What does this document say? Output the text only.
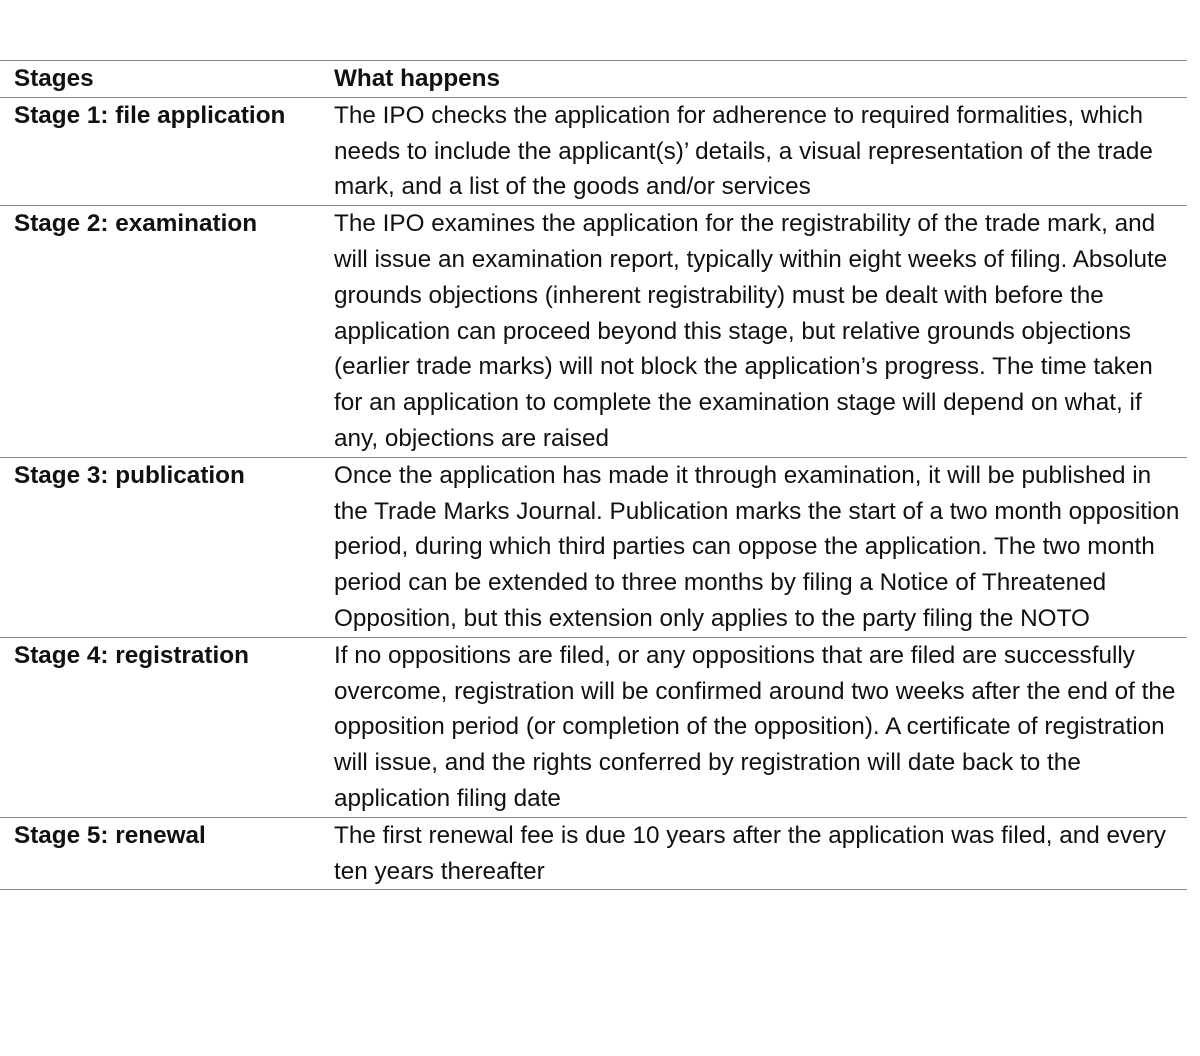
Stages	What happens
Stage 1: file application	The IPO checks the application for adherence to required formalities, which needs to include the applicant(s)’ details, a visual representation of the trade mark, and a list of the goods and/or services
Stage 2: examination	The IPO examines the application for the registrability of the trade mark, and will issue an examination report, typically within eight weeks of filing. Absolute grounds objections (inherent registrability) must be dealt with before the application can proceed beyond this stage, but relative grounds objections (earlier trade marks) will not block the application’s progress. The time taken for an application to complete the examination stage will depend on what, if any, objections are raised
Stage 3: publication	Once the application has made it through examination, it will be published in the Trade Marks Journal. Publication marks the start of a two month opposition period, during which third parties can oppose the application. The two month period can be extended to three months by filing a Notice of Threatened Opposition, but this extension only applies to the party filing the NOTO
Stage 4: registration	If no oppositions are filed, or any oppositions that are filed are successfully overcome, registration will be confirmed around two weeks after the end of the opposition period (or completion of the opposition). A certificate of registration will issue, and the rights conferred by registration will date back to the application filing date
Stage 5: renewal	The first renewal fee is due 10 years after the application was filed, and every ten years thereafter
